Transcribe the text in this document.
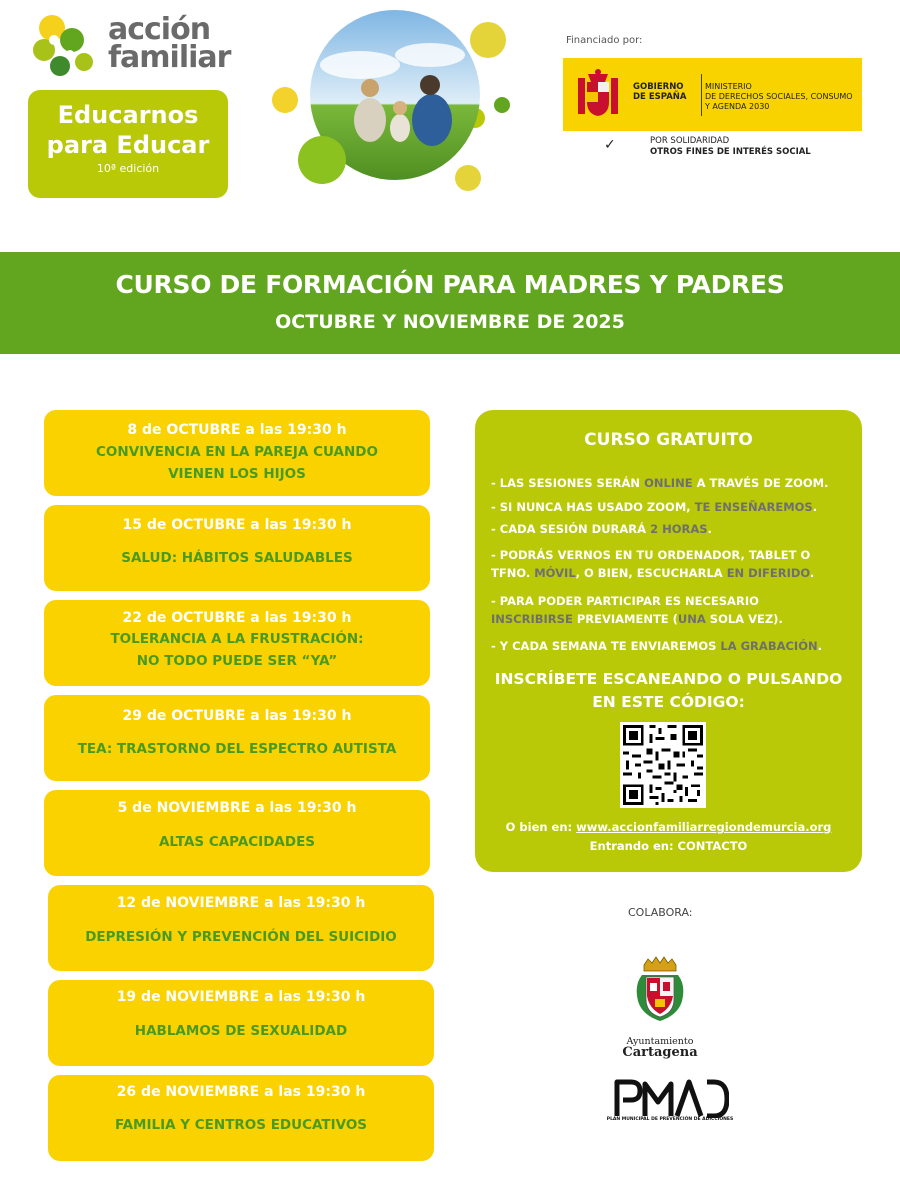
acción
familiar
Educarnos
para Educar
10ª edición
Financiado por:
GOBIERNO
DE ESPAÑA
MINISTERIO
DE DERECHOS SOCIALES, CONSUMO
Y AGENDA 2030
✓	POR SOLIDARIDAD
OTROS FINES DE INTERÉS SOCIAL
CURSO DE FORMACIÓN PARA MADRES Y PADRES
OCTUBRE Y NOVIEMBRE DE 2025
8 de OCTUBRE a las 19:30 h
CONVIVENCIA EN LA PAREJA CUANDO
VIENEN LOS HIJOS
15 de OCTUBRE a las 19:30 h
SALUD: HÁBITOS SALUDABLES
22 de OCTUBRE a las 19:30 h
TOLERANCIA A LA FRUSTRACIÓN:
NO TODO PUEDE SER “YA”
29 de OCTUBRE a las 19:30 h
TEA: TRASTORNO DEL ESPECTRO AUTISTA
5 de NOVIEMBRE a las 19:30 h
ALTAS CAPACIDADES
12 de NOVIEMBRE a las 19:30 h
DEPRESIÓN Y PREVENCIÓN DEL SUICIDIO
19 de NOVIEMBRE a las 19:30 h
HABLAMOS DE SEXUALIDAD
26 de NOVIEMBRE a las 19:30 h
FAMILIA Y CENTROS EDUCATIVOS
CURSO GRATUITO
- LAS SESIONES SERÁN ONLINE A TRAVÉS DE ZOOM.
- SI NUNCA HAS USADO ZOOM, TE ENSEÑAREMOS.
- CADA SESIÓN DURARÁ 2 HORAS.
- PODRÁS VERNOS EN TU ORDENADOR, TABLET O TFNO. MÓVIL, O BIEN, ESCUCHARLA EN DIFERIDO.
- PARA PODER PARTICIPAR ES NECESARIO INSCRIBIRSE PREVIAMENTE (UNA SOLA VEZ).
- Y CADA SEMANA TE ENVIAREMOS LA GRABACIÓN.
INSCRÍBETE ESCANEANDO O PULSANDO
EN ESTE CÓDIGO:
O bien en: www.accionfamiliarregiondemurcia.org
Entrando en: CONTACTO
COLABORA:
Ayuntamiento
Cartagena
PLAN MUNICIPAL DE PREVENCIÓN DE ADICCIONES
